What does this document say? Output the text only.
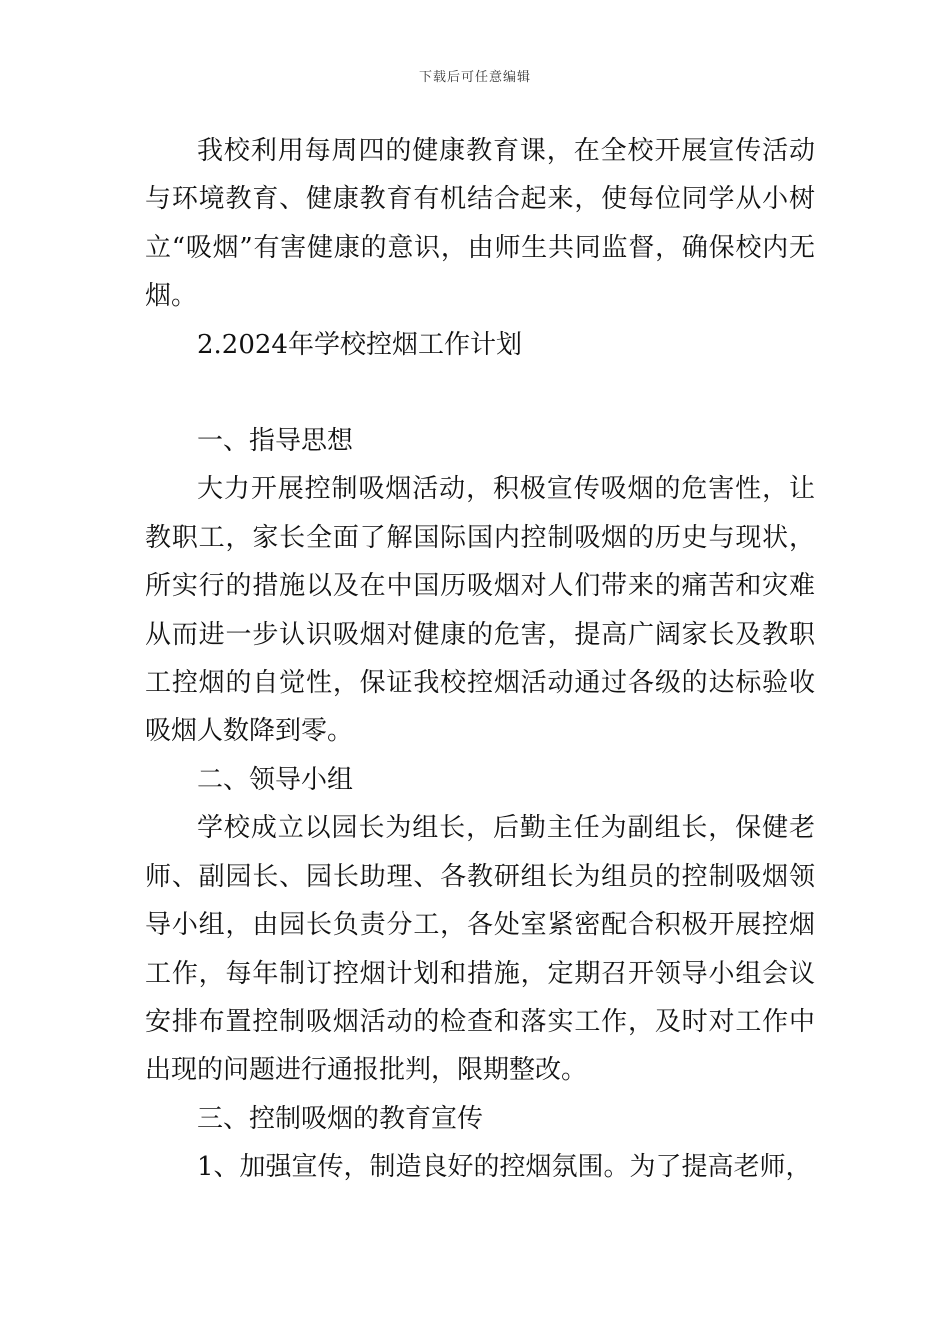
下载后可任意编辑

我校利用每周四的健康教育课，在全校开展宣传活动与环境教育、健康教育有机结合起来，使每位同学从小树立“吸烟”有害健康的意识，由师生共同监督，确保校内无烟。

2.2024年学校控烟工作计划

一、指导思想

大力开展控制吸烟活动，积极宣传吸烟的危害性，让教职工，家长全面了解国际国内控制吸烟的历史与现状，所实行的措施以及在中国历吸烟对人们带来的痛苦和灾难从而进一步认识吸烟对健康的危害，提高广阔家长及教职工控烟的自觉性，保证我校控烟活动通过各级的达标验收吸烟人数降到零。

二、领导小组

学校成立以园长为组长，后勤主任为副组长，保健老师、副园长、园长助理、各教研组长为组员的控制吸烟领导小组，由园长负责分工，各处室紧密配合积极开展控烟工作，每年制订控烟计划和措施，定期召开领导小组会议安排布置控制吸烟活动的检查和落实工作，及时对工作中出现的问题进行通报批判，限期整改。

三、控制吸烟的教育宣传

1、加强宣传，制造良好的控烟氛围。为了提高老师，
